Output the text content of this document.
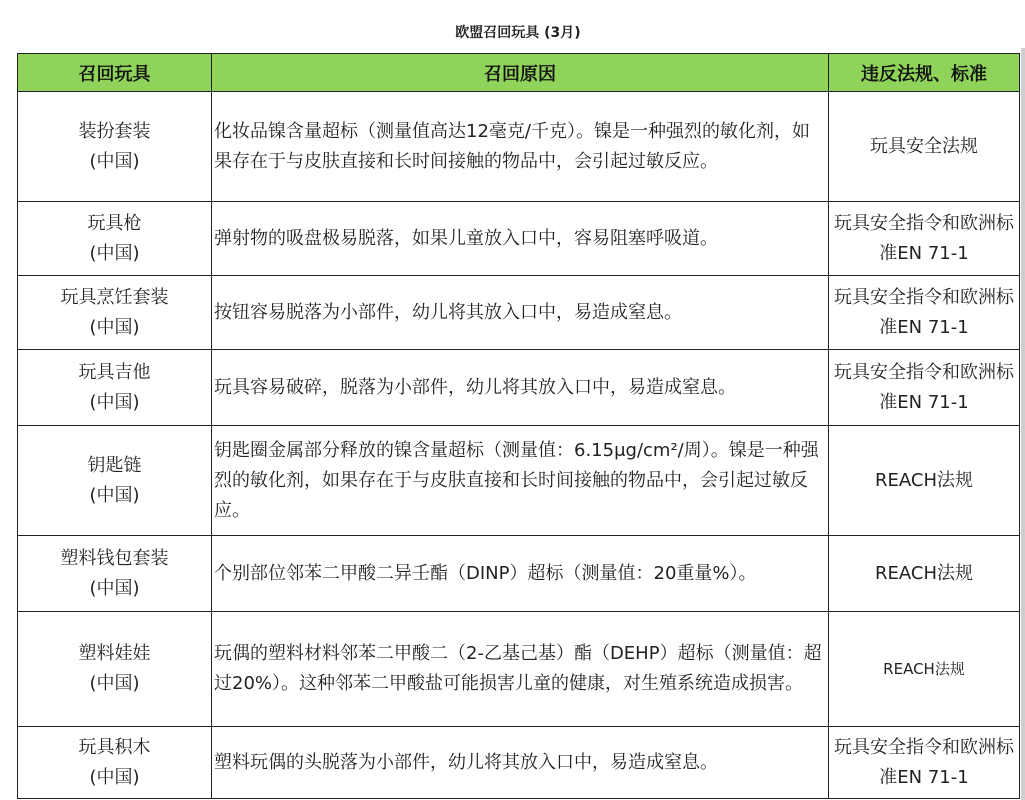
欧盟召回玩具 (3月)
召回玩具	召回原因	违反法规、标准

装扮套装
(中国)	化妆品镍含量超标（测量值高达12毫克/千克）。镍是一种强烈的敏化剂，如果存在于与皮肤直接和长时间接触的物品中，会引起过敏反应。	玩具安全法规

玩具枪
(中国)	弹射物的吸盘极易脱落，如果儿童放入口中，容易阻塞呼吸道。	玩具安全指令和欧洲标准EN 71-1

玩具烹饪套装
(中国)	按钮容易脱落为小部件，幼儿将其放入口中，易造成窒息。	玩具安全指令和欧洲标准EN 71-1

玩具吉他
(中国)	玩具容易破碎，脱落为小部件，幼儿将其放入口中，易造成窒息。	玩具安全指令和欧洲标准EN 71-1

钥匙链
(中国)	钥匙圈金属部分释放的镍含量超标（测量值：6.15μg/cm²/周）。镍是一种强烈的敏化剂，如果存在于与皮肤直接和长时间接触的物品中，会引起过敏反应。	REACH法规

塑料钱包套装
(中国)	个别部位邻苯二甲酸二异壬酯（DINP）超标（测量值：20重量%）。	REACH法规

塑料娃娃
(中国)	玩偶的塑料材料邻苯二甲酸二（2-乙基己基）酯（DEHP）超标（测量值：超过20%）。这种邻苯二甲酸盐可能损害儿童的健康，对生殖系统造成损害。	REACH法规

玩具积木
(中国)	塑料玩偶的头脱落为小部件，幼儿将其放入口中，易造成窒息。	玩具安全指令和欧洲标准EN 71-1
